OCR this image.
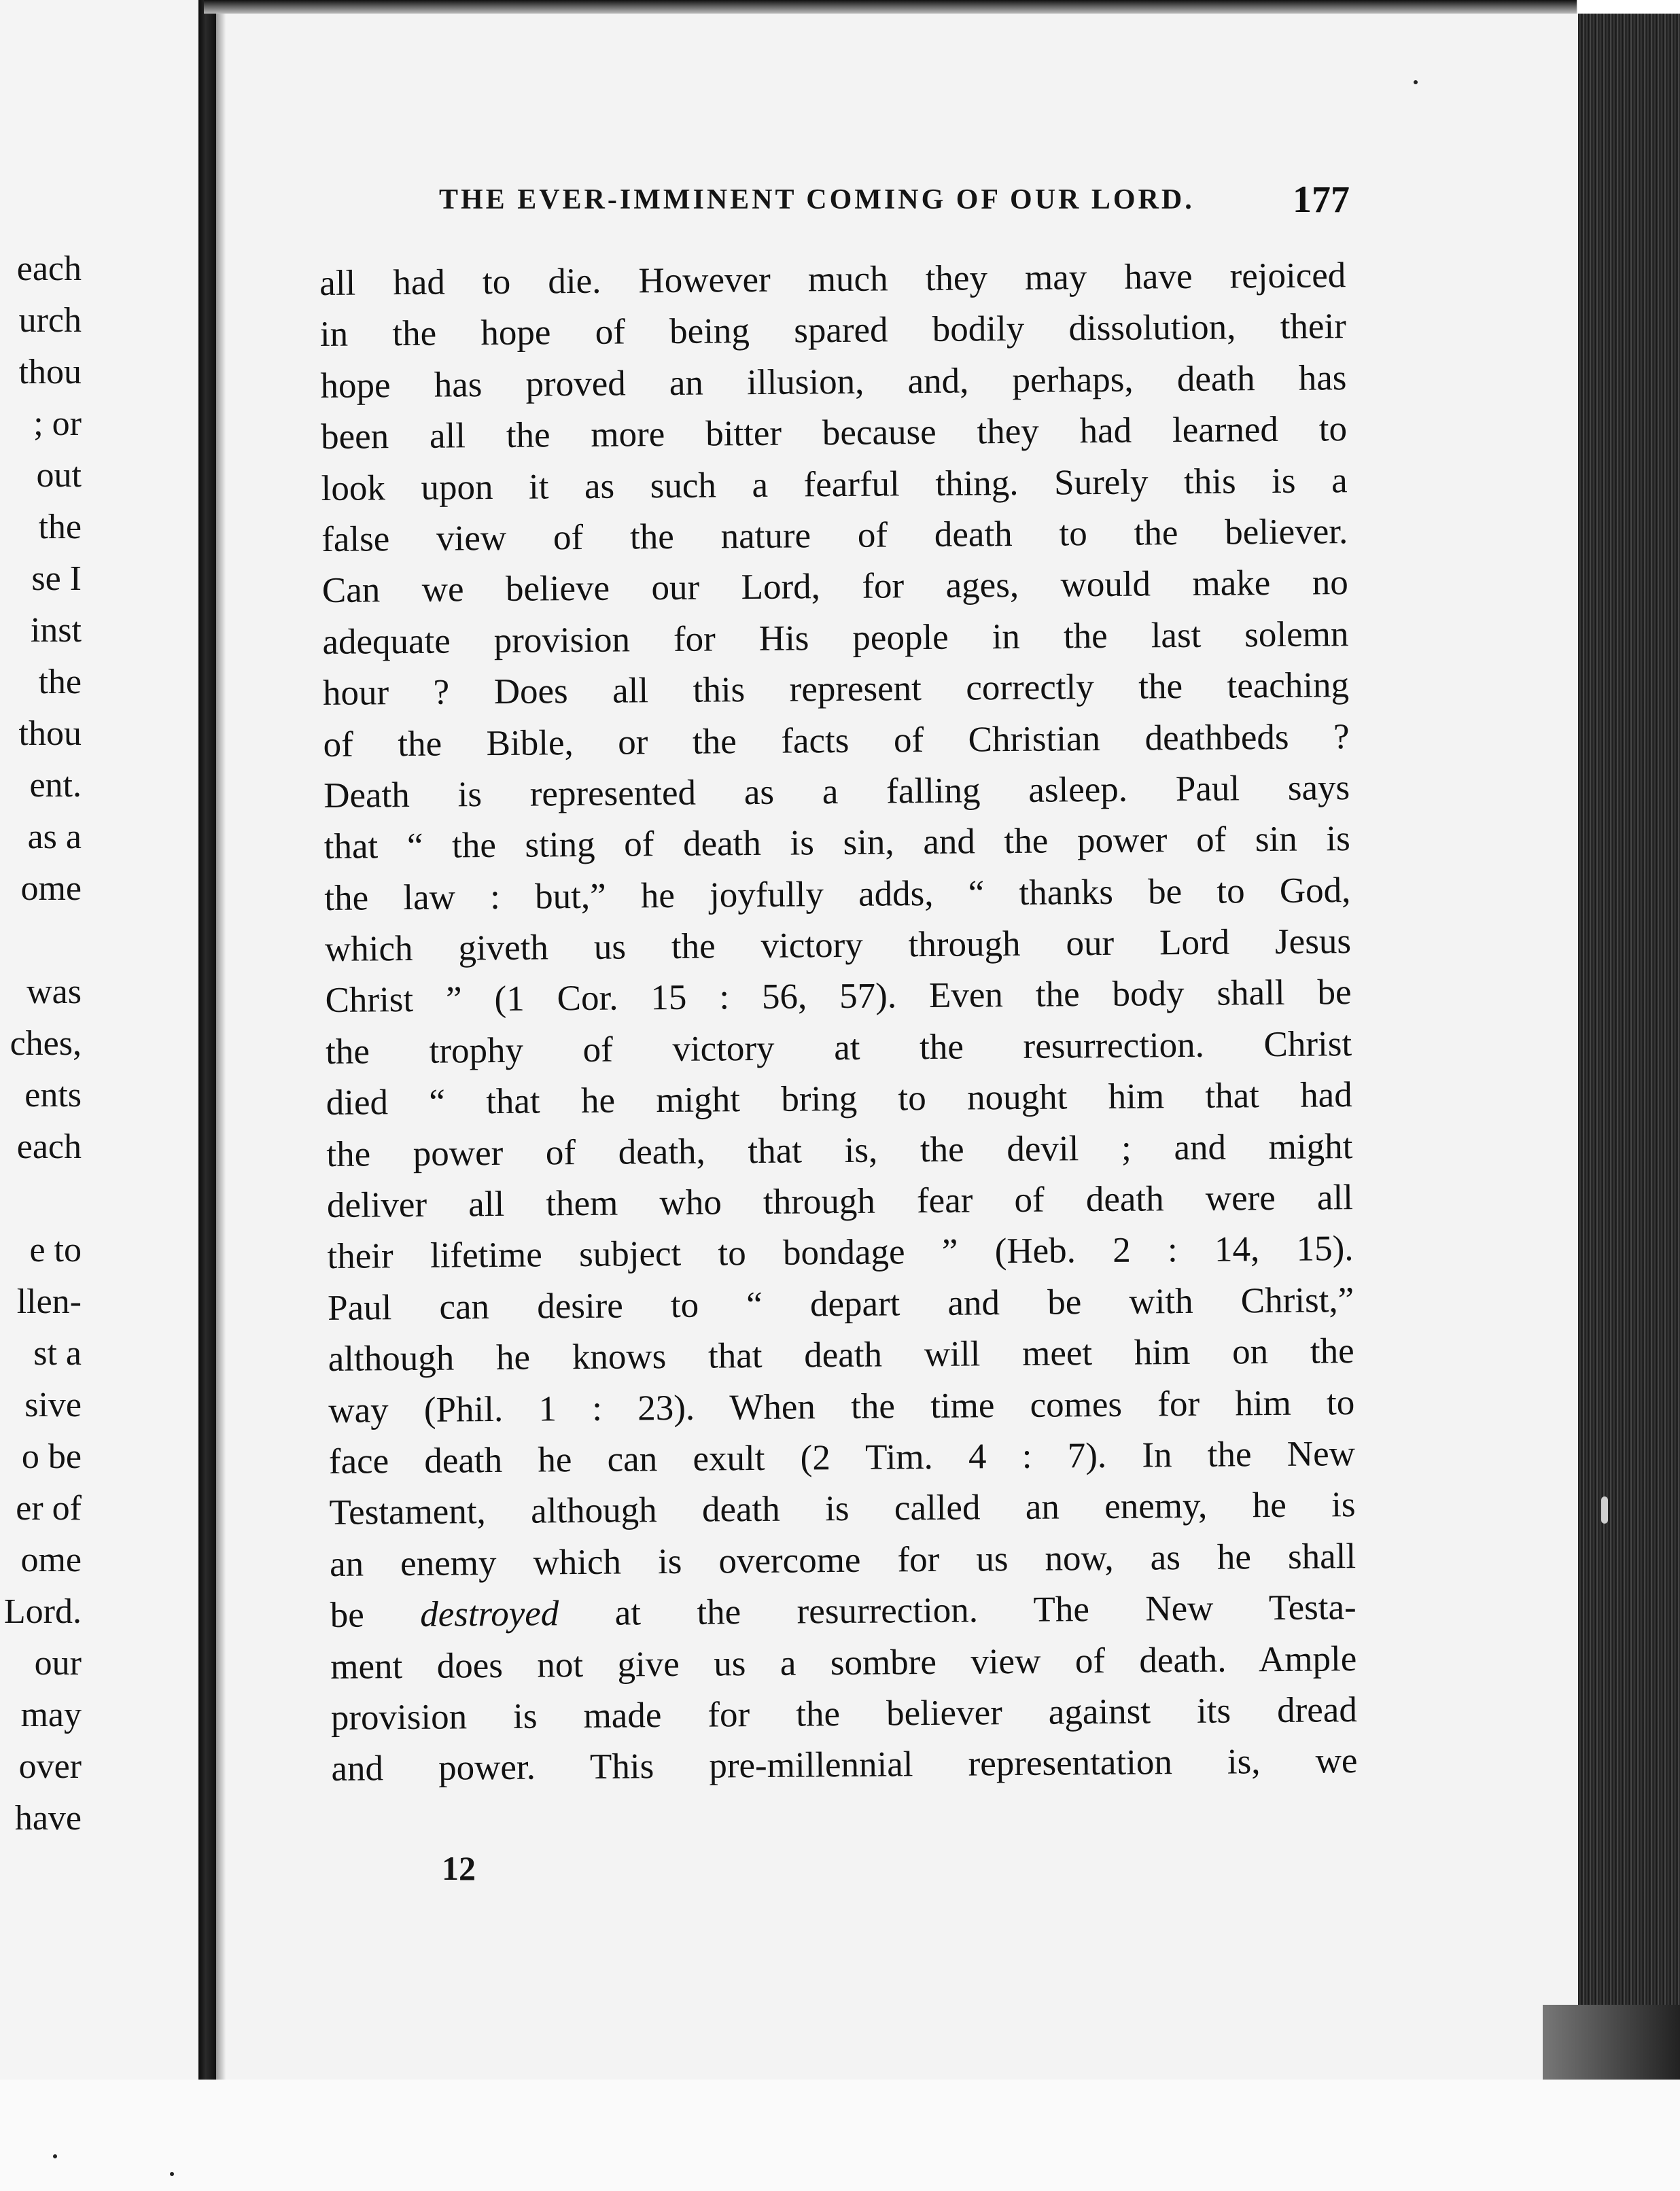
each
urch
thou
; or
out
the
se I
inst
the
thou
ent.
as a
ome
was
ches,
ents
each
e to
llen-
st a
sive
o be
er of
ome
Lord.
our
may
over
have
THE EVER-IMMINENT COMING OF OUR LORD.	177
all had to die. However much they may have rejoiced
in the hope of being spared bodily dissolution, their
hope has proved an illusion, and, perhaps, death has
been all the more bitter because they had learned to
look upon it as such a fearful thing. Surely this is a
false view of the nature of death to the believer.
Can we believe our Lord, for ages, would make no
adequate provision for His people in the last solemn
hour ? Does all this represent correctly the teaching
of the Bible, or the facts of Christian deathbeds ?
Death is represented as a falling asleep. Paul says
that “ the sting of death is sin, and the power of sin is
the law : but,” he joyfully adds, “ thanks be to God,
which giveth us the victory through our Lord Jesus
Christ ” (1 Cor. 15 : 56, 57). Even the body shall be
the trophy of victory at the resurrection. Christ
died “ that he might bring to nought him that had
the power of death, that is, the devil ; and might
deliver all them who through fear of death were all
their lifetime subject to bondage ” (Heb. 2 : 14, 15).
Paul can desire to “ depart and be with Christ,”
although he knows that death will meet him on the
way (Phil. 1 : 23). When the time comes for him to
face death he can exult (2 Tim. 4 : 7). In the New
Testament, although death is called an enemy, he is
an enemy which is overcome for us now, as he shall
be destroyed at the resurrection. The New Testa-
ment does not give us a sombre view of death. Ample
provision is made for the believer against its dread
and power. This pre-millennial representation is, we
12
